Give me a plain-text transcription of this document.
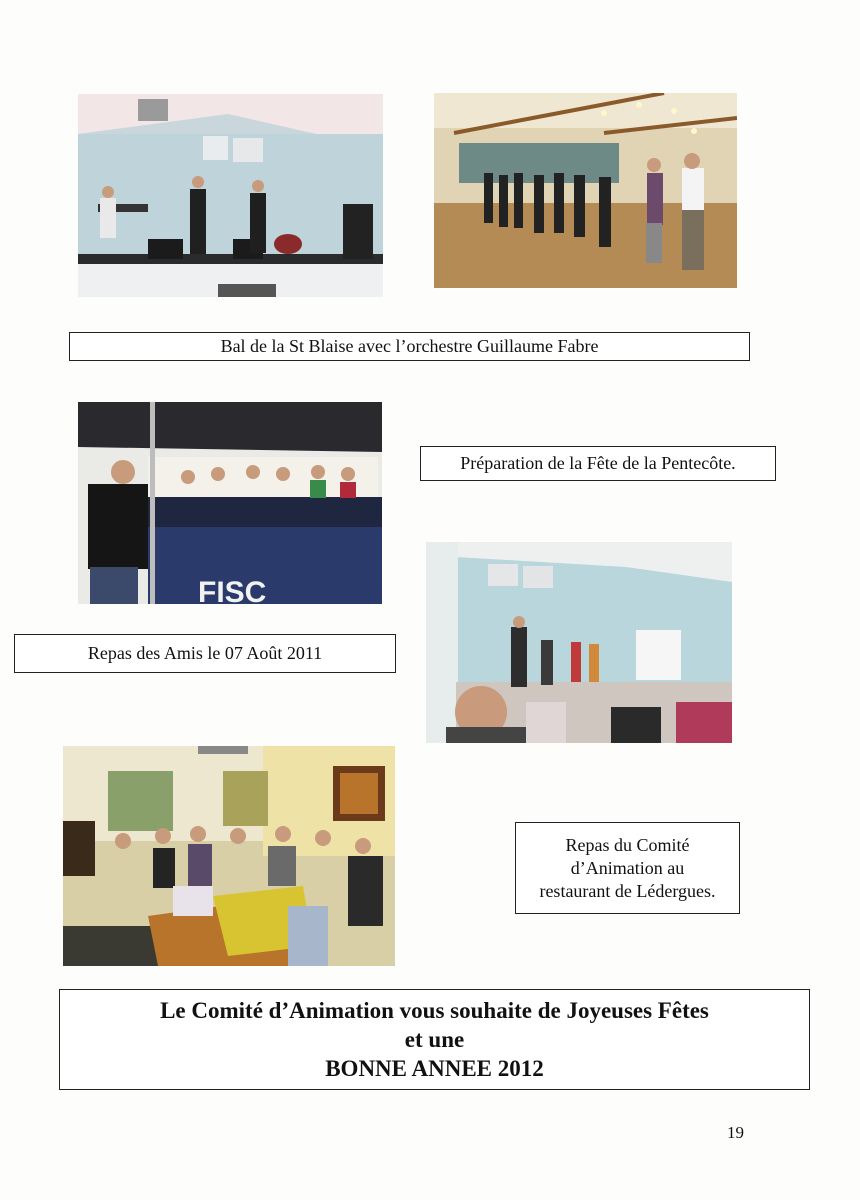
Bal de la St Blaise avec l’orchestre Guillaume Fabre
FISC
Préparation de la Fête de la Pentecôte.
Repas des Amis le 07 Août 2011
Repas du Comité
d’Animation au
restaurant de Lédergues.
Le Comité d’Animation vous souhaite de Joyeuses Fêtes
et une
BONNE ANNEE 2012
19
